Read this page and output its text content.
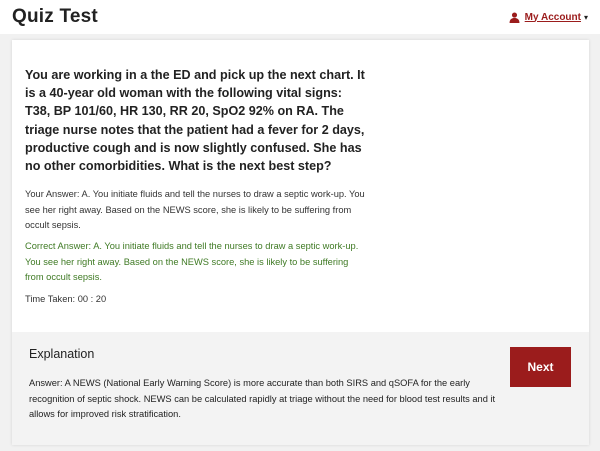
Quiz Test	My Account ▾
You are working in a the ED and pick up the next chart. It is a 40-year old woman with the following vital signs: T38, BP 101/60, HR 130, RR 20, SpO2 92% on RA. The triage nurse notes that the patient had a fever for 2 days, productive cough and is now slightly confused. She has no other comorbidities. What is the next best step?
Your Answer: A. You initiate fluids and tell the nurses to draw a septic work-up. You see her right away. Based on the NEWS score, she is likely to be suffering from occult sepsis.
Correct Answer: A. You initiate fluids and tell the nurses to draw a septic work-up. You see her right away. Based on the NEWS score, she is likely to be suffering from occult sepsis.
Time Taken: 00 : 20
Explanation
Answer: A NEWS (National Early Warning Score) is more accurate than both SIRS and qSOFA for the early recognition of septic shock. NEWS can be calculated rapidly at triage without the need for blood test results and it allows for improved risk stratification.
Next
